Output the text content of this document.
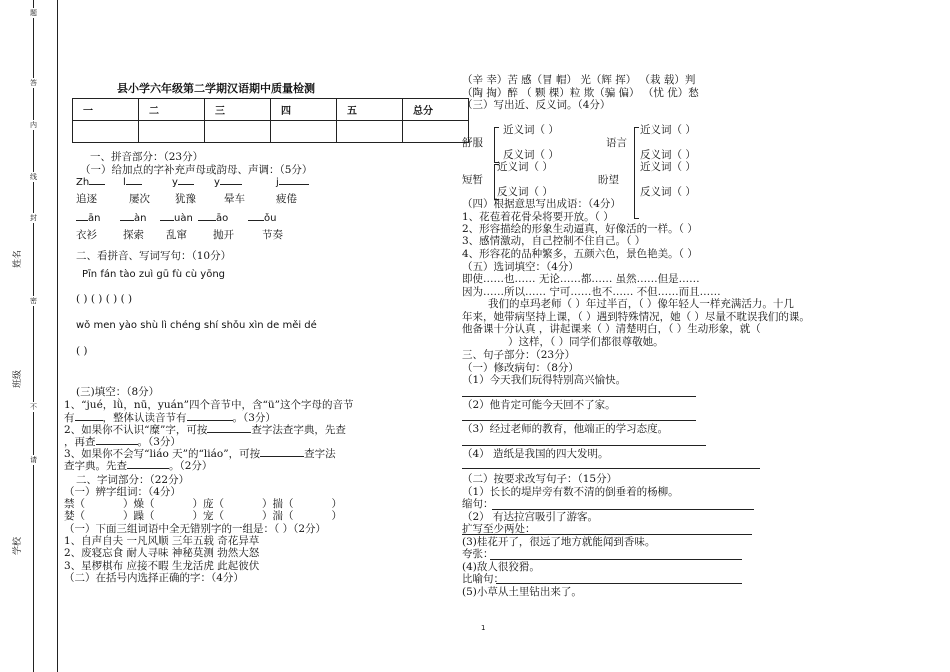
题
答
内
线
封
密
不
请
学校
班级
姓名
县小学六年级第二学期汉语期中质量检测
一	二	三	四	五	总分

一、拼音部分：（23分）
（一）给加点的字补充声母或韵母、声调：（5分）
Zh	l	y	y	j
追逐	屡次 犹豫	晕车	疲倦
ān	àn	uàn	āo	ǒu
衣衫 探索 乱窜 抛开	节奏
二、看拼音、写词写句：（10分）
Pīn fán tào zuì gū fù cù yōng
( ) ( ) ( ) ( )
wǒ men yào shù lì chéng shí shǒu xìn de měi dé
( )
(三)填空：（8分）
1、“jué，lǜ，nū，yuán”四个音节中，含“ü”这个字母的音节
有	，整体认读音节有	。（3分）
2、如果你不认识“糜”字，可按	查字法查字典，先查
，再查	。（3分）
3、如果你不会写“liáo 天”的“liáo”，可按	查字法
查字典。先查	。（2分）
二、字词部分：（22分）
（一）辨字组词：（4分）
禁（	）燥（	）庞（	）揣（	）
婪（	）躁（	）宠（	）湍（	）
（一）下面三组词语中全无错别字的一组是：（ ）（2分）
1、自声自夫 一凡风顺 三年五载 奇花异草
2、废寝忘食 耐人寻味 神秘莫测 勃然大怒
3、星椤棋布 应接不暇 生龙活虎 此起彼伏
（二）在括号内选择正确的字：（4分）
（辛 幸）苦 感（冒 帽） 光（辉 挥） （栽 载）判
（陶 掏）醉 （ 颗 棵）粒 欺（骗 偏） （忧 优）愁
（三）写出近、反义词。（4分）
舒服
近义词（ ）
反义词（ ）
语言
近义词（ ）
反义词（ ）
短暂
近义词（ ）
反义词（ ）
盼望
近义词（ ）
反义词（ ）
（四）根据意思写出成语：（4分）
1、花苞着花骨朵将要开放。（ ）
2、形容描绘的形象生动逼真，好像活的一样。（ ）
3、感情激动，自己控制不住自己。（ ）
4、形容花的品种繁多，五颜六色，景色艳美。（ ）
（五）选词填空：（4分）
即使……也…… 无论……都…… 虽然……但是……
因为……所以…… 宁可……也不…… 不但……而且……
我们的卓玛老师（ ）年过半百，（ ）像年轻人一样充满活力。十几
年来，她带病坚持上课，（ ）遇到特殊情况，她（ ）尽量不耽误我们的课。
他备课十分认真 ，讲起课来（ ）清楚明白，（ ）生动形象，就（
）这样，（ ）同学们都很尊敬她。
三、句子部分：（23分）
（一）修改病句：（8分）
（1）今天我们玩得特别高兴愉快。
（2）他肯定可能今天回不了家。
（3）经过老师的教育，他端正的学习态度。
（4） 造纸是我国的四大发明。
（二）按要求改写句子：（15分）
（1）长长的堤岸旁有数不清的倒垂着的杨柳。
缩句：
（2） 有达拉宫吸引了游客。
扩写至少两处：
(3)桂花开了，很远了地方就能闻到香味。
夸张：
(4)敌人很狡猾。
比喻句：
(5)小草从土里钻出来了。
1
